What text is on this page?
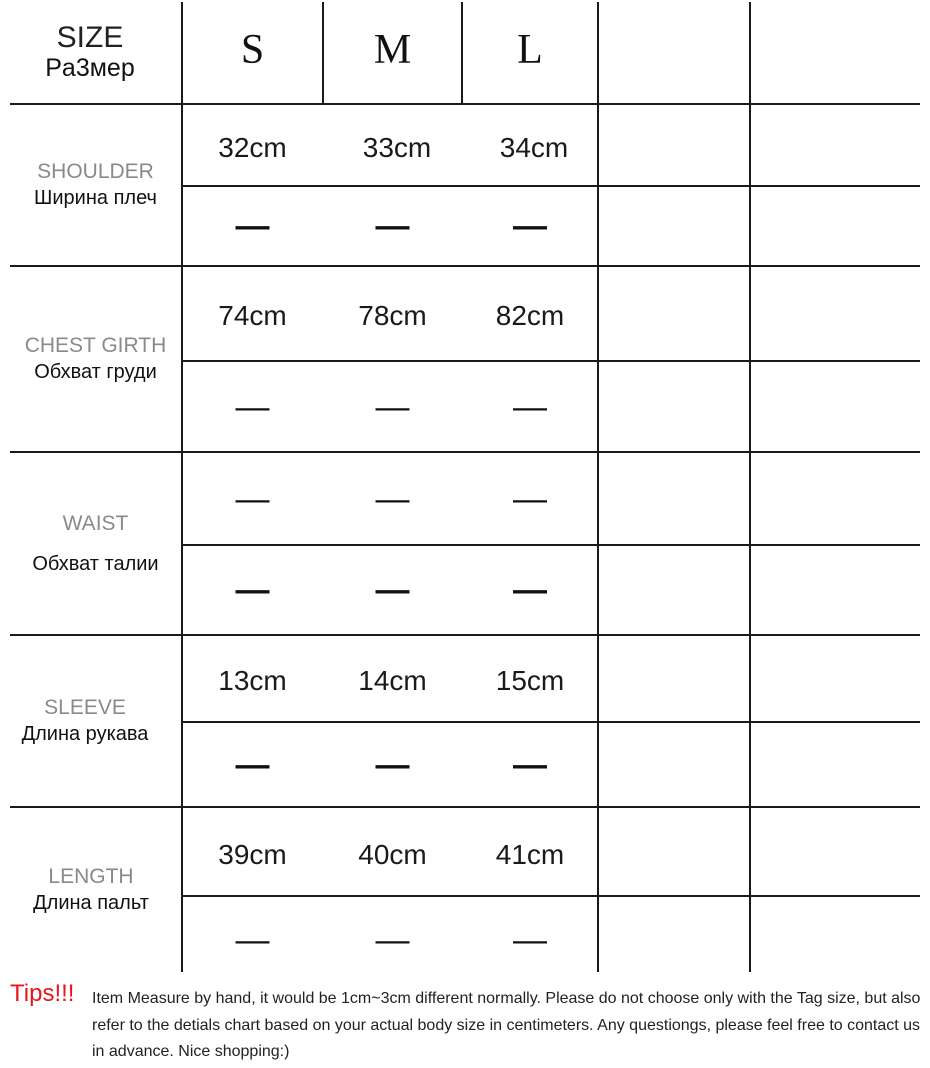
SIZE
Pa3мер	S	M	L
SHOULDER
Ширина плеч
32cm	33cm	34cm
—	—	—
CHEST GIRTH
Обхват груди
74cm	78cm	82cm
—	—	—
WAIST
Обхват талии
—	—	—
—	—	—
SLEEVE
Длина рукава
13cm	14cm	15cm
—	—	—
LENGTH
Длина пальт
39cm	40cm	41cm
—	—	—
Tips!!! Item Measure by hand, it would be 1cm~3cm different normally. Please do not choose only with the Tag size, but also refer to the detials chart based on your actual body size in centimeters. Any questiongs, please feel free to contact us in advance. Nice shopping:)
